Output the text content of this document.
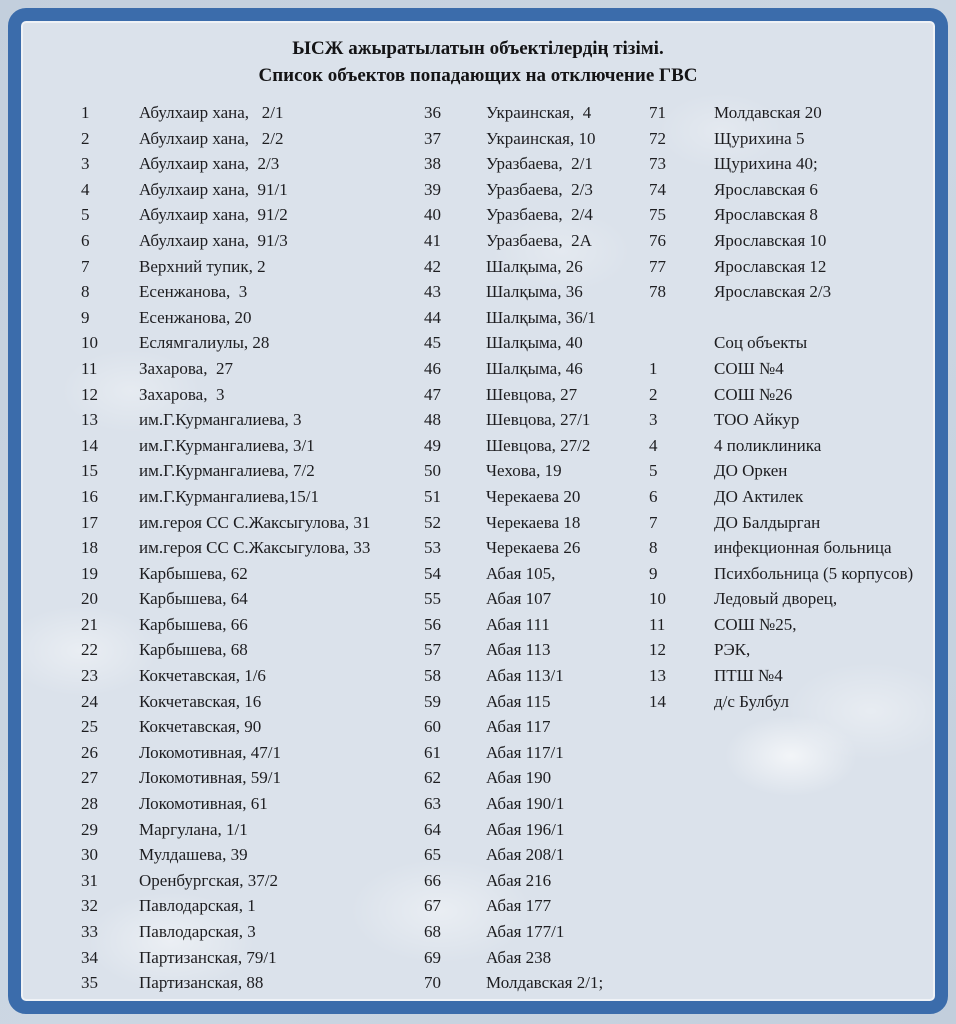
ЫСЖ ажыратылатын объектілердің тізімі.
Список объектов попадающих на отключение ГВС
1	Абулхаир хана,   2/1
2	Абулхаир хана,   2/2
3	Абулхаир хана,  2/3
4	Абулхаир хана,  91/1
5	Абулхаир хана,  91/2
6	Абулхаир хана,  91/3
7	Верхний тупик, 2
8	Есенжанова,  3
9	Есенжанова, 20
10	Еслямгалиулы, 28
11	Захарова,  27
12	Захарова,  3
13	им.Г.Курмангалиева, 3
14	им.Г.Курмангалиева, 3/1
15	им.Г.Курмангалиева, 7/2
16	им.Г.Курмангалиева,15/1
17	им.героя СС С.Жаксыгулова, 31
18	им.героя СС С.Жаксыгулова, 33
19	Карбышева, 62
20	Карбышева, 64
21	Карбышева, 66
22	Карбышева, 68
23	Кокчетавская, 1/6
24	Кокчетавская, 16
25	Кокчетавская, 90
26	Локомотивная, 47/1
27	Локомотивная, 59/1
28	Локомотивная, 61
29	Маргулана, 1/1
30	Мулдашева, 39
31	Оренбургская, 37/2
32	Павлодарская, 1
33	Павлодарская, 3
34	Партизанская, 79/1
35	Партизанская, 88
36	Украинская,  4
37	Украинская, 10
38	Уразбаева,  2/1
39	Уразбаева,  2/3
40	Уразбаева,  2/4
41	Уразбаева,  2А
42	Шалқыма, 26
43	Шалқыма, 36
44	Шалқыма, 36/1
45	Шалқыма, 40
46	Шалқыма, 46
47	Шевцова, 27
48	Шевцова, 27/1
49	Шевцова, 27/2
50	Чехова, 19
51	Черекаева 20
52	Черекаева 18
53	Черекаева 26
54	Абая 105,
55	Абая 107
56	Абая 111
57	Абая 113
58	Абая 113/1
59	Абая 115
60	Абая 117
61	Абая 117/1
62	Абая 190
63	Абая 190/1
64	Абая 196/1
65	Абая 208/1
66	Абая 216
67	Абая 177
68	Абая 177/1
69	Абая 238
70	Молдавская 2/1;
71	Молдавская 20
72	Щурихина 5
73	Щурихина 40;
74	Ярославская 6
75	Ярославская 8
76	Ярославская 10
77	Ярославская 12
78	Ярославская 2/3
Соц объекты
1	СОШ №4
2	СОШ №26
3	ТОО Айкур
4	4 поликлиника
5	ДО Оркен
6	ДО Актилек
7	ДО Балдырган
8	инфекционная больница
9	Психбольница (5 корпусов)
10	Ледовый дворец,
11	СОШ №25,
12	РЭК,
13	ПТШ №4
14	д/с Булбул
